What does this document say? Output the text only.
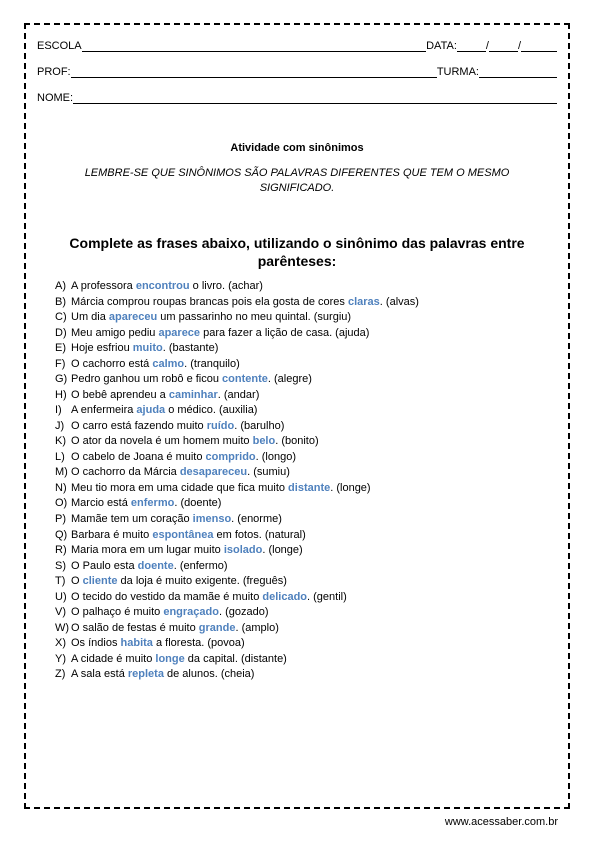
ESCOLA	DATA:	/	/
PROF:	TURMA:
NOME:
Atividade com sinônimos
LEMBRE-SE QUE SINÔNIMOS SÃO PALAVRAS DIFERENTES QUE TEM O MESMO SIGNIFICADO.
Complete as frases abaixo, utilizando o sinônimo das palavras entre parênteses:
A) A professora encontrou o livro. (achar)
B) Márcia comprou roupas brancas pois ela gosta de cores claras . (alvas)
C) Um dia apareceu um passarinho no meu quintal. (surgiu)
D) Meu amigo pediu aparece para fazer a lição de casa. (ajuda)
E) Hoje esfriou muito . (bastante)
F) O cachorro está calmo . (tranquilo)
G) Pedro ganhou um robô e ficou contente . (alegre)
H) O bebê aprendeu a caminhar . (andar)
I) A enfermeira ajuda o médico. (auxilia)
J) O carro está fazendo muito ruído . (barulho)
K) O ator da novela é um homem muito belo . (bonito)
L) O cabelo de Joana é muito comprido . (longo)
M) O cachorro da Márcia desapareceu . (sumiu)
N) Meu tio mora em uma cidade que fica muito distante . (longe)
O) Marcio está enfermo . (doente)
P) Mamãe tem um coração imenso . (enorme)
Q) Barbara é muito espontânea em fotos. (natural)
R) Maria mora em um lugar muito isolado . (longe)
S) O Paulo esta doente . (enfermo)
T) O cliente da loja é muito exigente. (freguês)
U) O tecido do vestido da mamãe é muito delicado . (gentil)
V) O palhaço é muito engraçado . (gozado)
W) O salão de festas é muito grande . (amplo)
X) Os índios habita a floresta. (povoa)
Y) A cidade é muito longe da capital. (distante)
Z) A sala está repleta de alunos. (cheia)
www.acessaber.com.br
